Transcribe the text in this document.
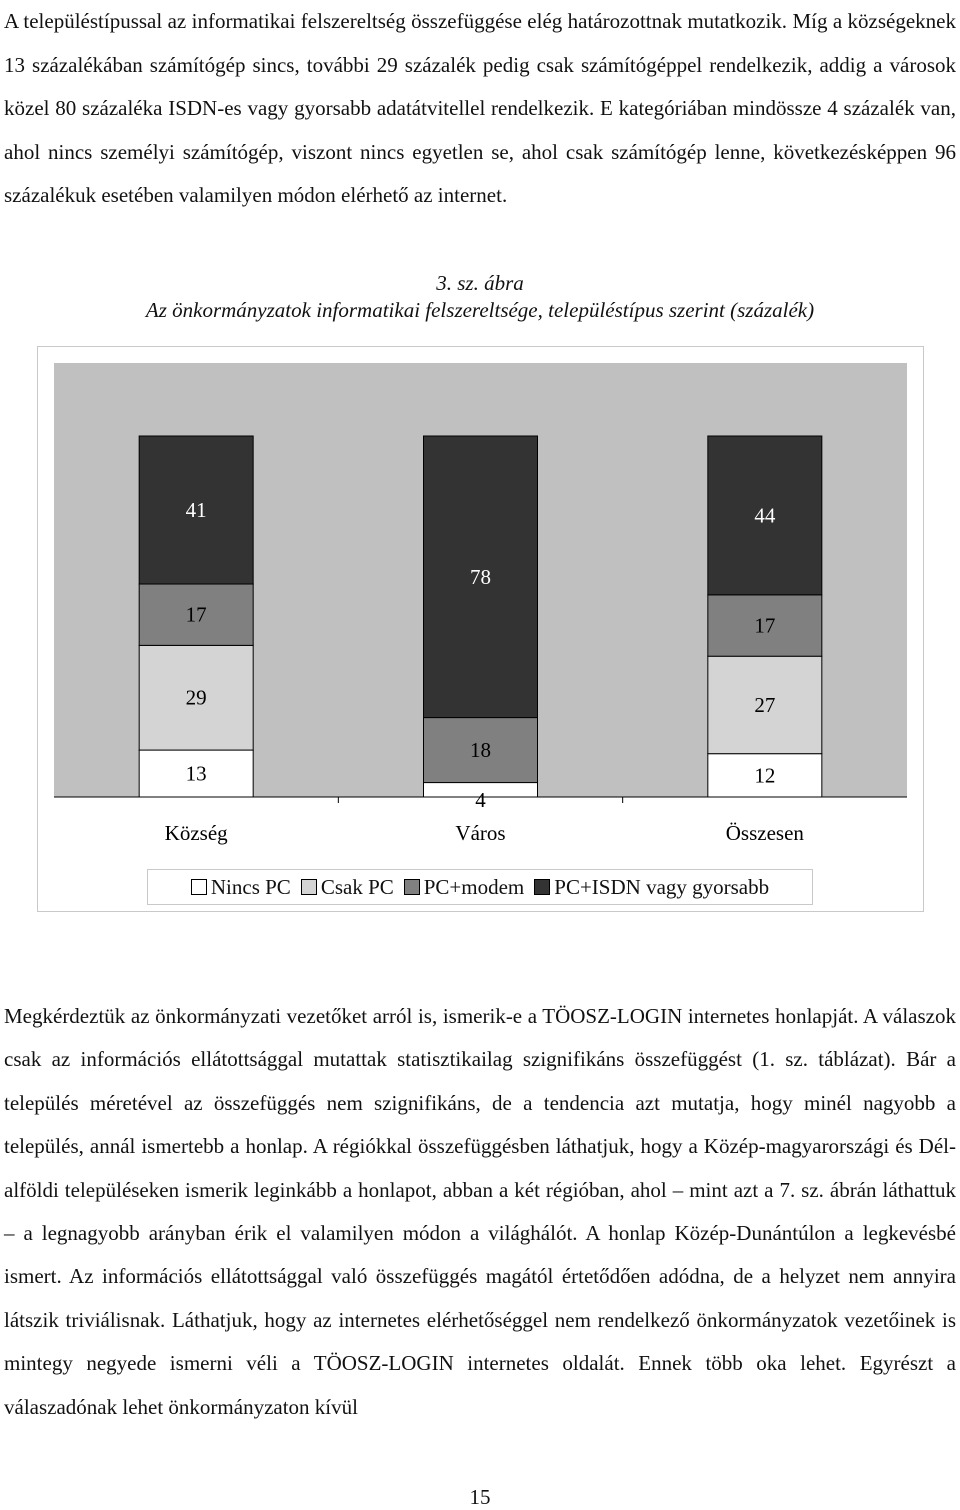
A településtípussal az informatikai felszereltség összefüggése elég határozottnak mutatkozik. Míg a községeknek 13 százalékában számítógép sincs, további 29 százalék pedig csak számítógéppel rendelkezik, addig a városok közel 80 százaléka ISDN-es vagy gyorsabb adatátvitellel rendelkezik. E kategóriában mindössze 4 százalék van, ahol nincs személyi számítógép, viszont nincs egyetlen se, ahol csak számítógép lenne, következésképpen 96 százalékuk esetében valamilyen módon elérhető az internet.

3. sz. ábra
Az önkormányzatok informatikai felszereltsége, településtípus szerint (százalék)
13
29
17
41
Község
4
18
78
Város
12
27
17
44
Összesen
Nincs PC Csak PC PC+modem PC+ISDN vagy gyorsabb

Megkérdeztük az önkormányzati vezetőket arról is, ismerik-e a TÖOSZ-LOGIN internetes honlapját. A válaszok csak az információs ellátottsággal mutattak statisztikailag szignifikáns összefüggést (1. sz. táblázat). Bár a település méretével az összefüggés nem szignifikáns, de a tendencia azt mutatja, hogy minél nagyobb a település, annál ismertebb a honlap. A régiókkal összefüggésben láthatjuk, hogy a Közép-magyarországi és Dél-alföldi településeken ismerik leginkább a honlapot, abban a két régióban, ahol – mint azt a 7. sz. ábrán láthattuk – a legnagyobb arányban érik el valamilyen módon a világhálót. A honlap Közép-Dunántúlon a legkevésbé ismert. Az információs ellátottsággal való összefüggés magától értetődően adódna, de a helyzet nem annyira látszik triviálisnak. Láthatjuk, hogy az internetes elérhetőséggel nem rendelkező önkormányzatok vezetőinek is mintegy negyede ismerni véli a TÖOSZ-LOGIN internetes oldalát. Ennek több oka lehet. Egyrészt a válaszadónak lehet önkormányzaton kívül

15
